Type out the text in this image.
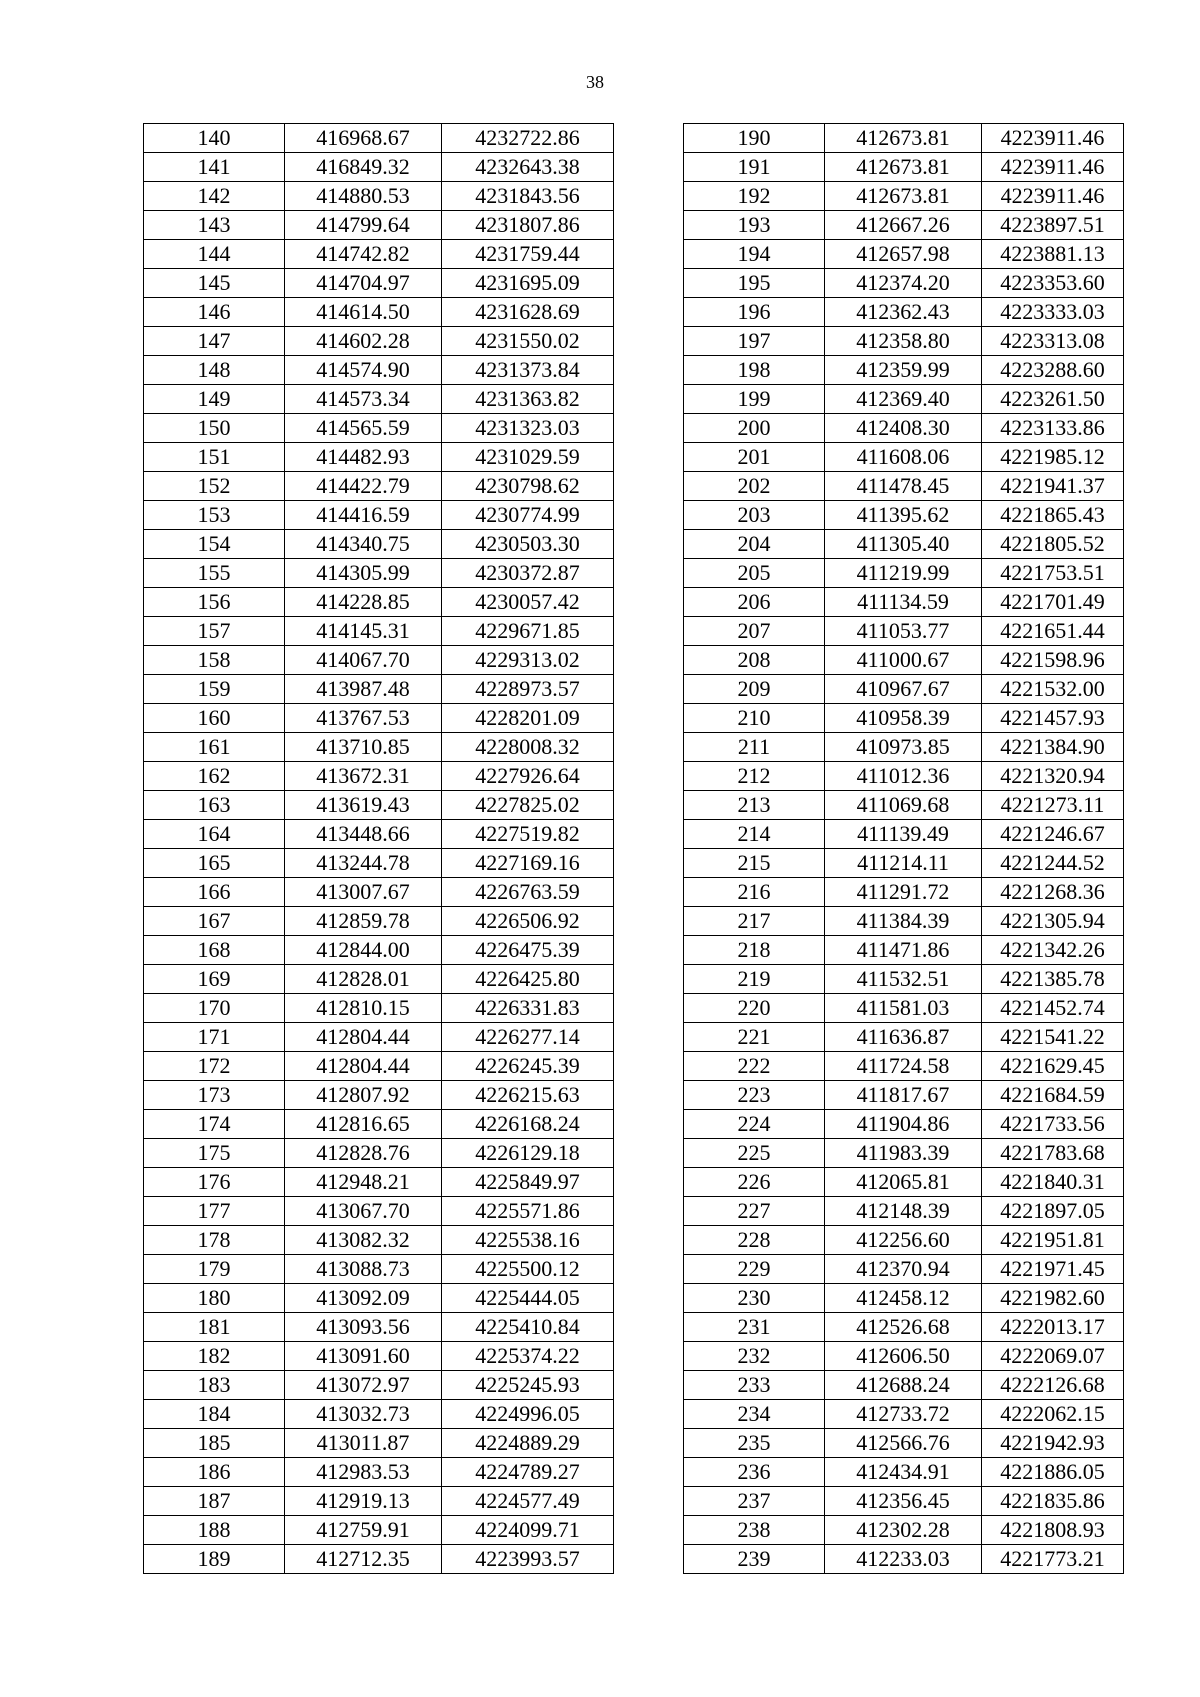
38
140	416968.67	4232722.86
141	416849.32	4232643.38
142	414880.53	4231843.56
143	414799.64	4231807.86
144	414742.82	4231759.44
145	414704.97	4231695.09
146	414614.50	4231628.69
147	414602.28	4231550.02
148	414574.90	4231373.84
149	414573.34	4231363.82
150	414565.59	4231323.03
151	414482.93	4231029.59
152	414422.79	4230798.62
153	414416.59	4230774.99
154	414340.75	4230503.30
155	414305.99	4230372.87
156	414228.85	4230057.42
157	414145.31	4229671.85
158	414067.70	4229313.02
159	413987.48	4228973.57
160	413767.53	4228201.09
161	413710.85	4228008.32
162	413672.31	4227926.64
163	413619.43	4227825.02
164	413448.66	4227519.82
165	413244.78	4227169.16
166	413007.67	4226763.59
167	412859.78	4226506.92
168	412844.00	4226475.39
169	412828.01	4226425.80
170	412810.15	4226331.83
171	412804.44	4226277.14
172	412804.44	4226245.39
173	412807.92	4226215.63
174	412816.65	4226168.24
175	412828.76	4226129.18
176	412948.21	4225849.97
177	413067.70	4225571.86
178	413082.32	4225538.16
179	413088.73	4225500.12
180	413092.09	4225444.05
181	413093.56	4225410.84
182	413091.60	4225374.22
183	413072.97	4225245.93
184	413032.73	4224996.05
185	413011.87	4224889.29
186	412983.53	4224789.27
187	412919.13	4224577.49
188	412759.91	4224099.71
189	412712.35	4223993.57
190	412673.81	4223911.46
191	412673.81	4223911.46
192	412673.81	4223911.46
193	412667.26	4223897.51
194	412657.98	4223881.13
195	412374.20	4223353.60
196	412362.43	4223333.03
197	412358.80	4223313.08
198	412359.99	4223288.60
199	412369.40	4223261.50
200	412408.30	4223133.86
201	411608.06	4221985.12
202	411478.45	4221941.37
203	411395.62	4221865.43
204	411305.40	4221805.52
205	411219.99	4221753.51
206	411134.59	4221701.49
207	411053.77	4221651.44
208	411000.67	4221598.96
209	410967.67	4221532.00
210	410958.39	4221457.93
211	410973.85	4221384.90
212	411012.36	4221320.94
213	411069.68	4221273.11
214	411139.49	4221246.67
215	411214.11	4221244.52
216	411291.72	4221268.36
217	411384.39	4221305.94
218	411471.86	4221342.26
219	411532.51	4221385.78
220	411581.03	4221452.74
221	411636.87	4221541.22
222	411724.58	4221629.45
223	411817.67	4221684.59
224	411904.86	4221733.56
225	411983.39	4221783.68
226	412065.81	4221840.31
227	412148.39	4221897.05
228	412256.60	4221951.81
229	412370.94	4221971.45
230	412458.12	4221982.60
231	412526.68	4222013.17
232	412606.50	4222069.07
233	412688.24	4222126.68
234	412733.72	4222062.15
235	412566.76	4221942.93
236	412434.91	4221886.05
237	412356.45	4221835.86
238	412302.28	4221808.93
239	412233.03	4221773.21
